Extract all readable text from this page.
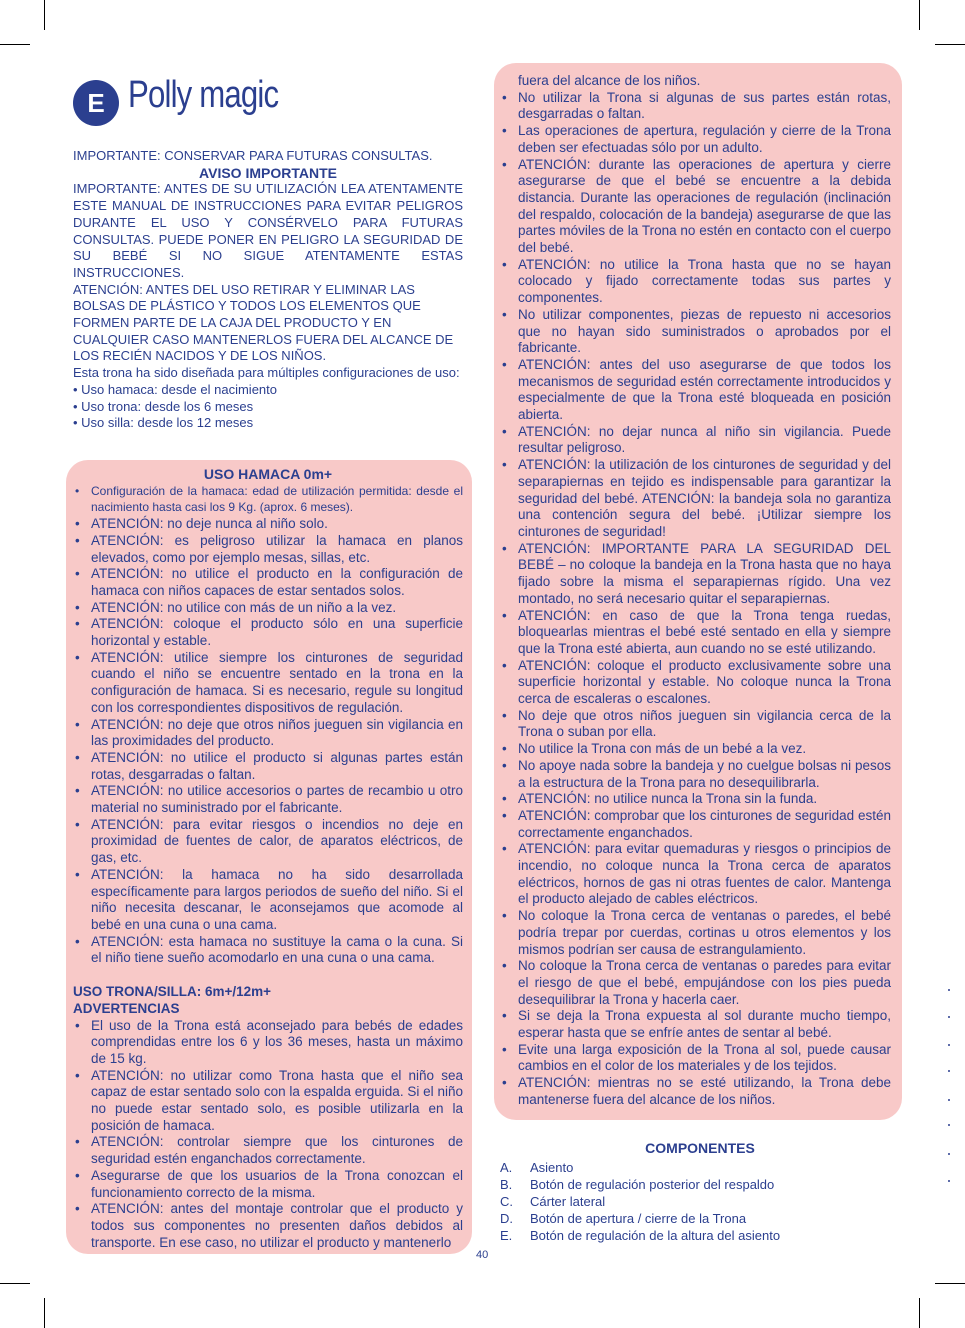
E Polly magic

IMPORTANTE: CONSERVAR PARA FUTURAS CONSULTAS.

AVISO IMPORTANTE

IMPORTANTE: ANTES DE SU UTILIZACIÓN LEA ATENTAMENTE ESTE MANUAL DE INSTRUCCIONES PARA EVITAR PELIGROS DURANTE EL USO Y CONSÉRVELO PARA FUTURAS CONSULTAS. PUEDE PONER EN PELIGRO LA SEGURIDAD DE SU BEBÉ SI NO SIGUE ATENTAMENTE ESTAS INSTRUCCIONES.

ATENCIÓN: ANTES DEL USO RETIRAR Y ELIMINAR LAS BOLSAS DE PLÁSTICO Y TODOS LOS ELEMENTOS QUE FORMEN PARTE DE LA CAJA DEL PRODUCTO Y EN CUALQUIER CASO MANTENERLOS FUERA DEL ALCANCE DE LOS RECIÉN NACIDOS Y DE LOS NIÑOS.

Esta trona ha sido diseñada para múltiples configuraciones de uso:

• Uso hamaca: desde el nacimiento

• Uso trona: desde los 6 meses

• Uso silla: desde los 12 meses

USO HAMACA 0m+
• Configuración de la hamaca: edad de utilización permitida: desde el nacimiento hasta casi los 9 Kg. (aprox. 6 meses).
• ATENCIÓN: no deje nunca al niño solo.
• ATENCIÓN: es peligroso utilizar la hamaca en planos elevados, como por ejemplo mesas, sillas, etc.
• ATENCIÓN: no utilice el producto en la configuración de hamaca con niños capaces de estar sentados solos.
• ATENCIÓN: no utilice con más de un niño a la vez.
• ATENCIÓN: coloque el producto sólo en una superficie horizontal y estable.
• ATENCIÓN: utilice siempre los cinturones de seguridad cuando el niño se encuentre sentado en la trona en la configuración de hamaca. Si es necesario, regule su longitud con los correspondientes dispositivos de regulación.
• ATENCIÓN: no deje que otros niños jueguen sin vigilancia en las proximidades del producto.
• ATENCIÓN: no utilice el producto si algunas partes están rotas, desgarradas o faltan.
• ATENCIÓN: no utilice accesorios o partes de recambio u otro material no suministrado por el fabricante.
• ATENCIÓN: para evitar riesgos o incendios no deje en proximidad de fuentes de calor, de aparatos eléctricos, de gas, etc.
• ATENCIÓN: la hamaca no ha sido desarrollada específicamente para largos periodos de sueño del niño. Si el niño necesita descanar, le aconsejamos que acomode al bebé en una cuna o una cama.
• ATENCIÓN: esta hamaca no sustituye la cama o la cuna. Si el niño tiene sueño acomodarlo en una cuna o una cama.
USO TRONA/SILLA: 6m+/12m+
ADVERTENCIAS
• El uso de la Trona está aconsejado para bebés de edades comprendidas entre los 6 y los 36 meses, hasta un máximo de 15 kg.
• ATENCIÓN: no utilizar como Trona hasta que el niño sea capaz de estar sentado solo con la espalda erguida. Si el niño no puede estar sentado solo, es posible utilizarla en la posición de hamaca.
• ATENCIÓN: controlar siempre que los cinturones de seguridad estén enganchados correctamente.
• Asegurarse de que los usuarios de la Trona conozcan el funcionamiento correcto de la misma.
• ATENCIÓN: antes del montaje controlar que el producto y todos sus componentes no presenten daños debidos al transporte. En ese caso, no utilizar el producto y mantenerlo
fuera del alcance de los niños.
• No utilizar la Trona si algunas de sus partes están rotas, desgarradas o faltan.
• Las operaciones de apertura, regulación y cierre de la Trona deben ser efectuadas sólo por un adulto.
• ATENCIÓN: durante las operaciones de apertura y cierre asegurarse de que el bebé se encuentre a la debida distancia. Durante las operaciones de regulación (inclinación del respaldo, colocación de la bandeja) asegurarse de que las partes móviles de la Trona no estén en contacto con el cuerpo del bebé.
• ATENCIÓN: no utilice la Trona hasta que no se hayan colocado y fijado correctamente todas sus partes y componentes.
• No utilizar componentes, piezas de repuesto ni accesorios que no hayan sido suministrados o aprobados por el fabricante.
• ATENCIÓN: antes del uso asegurarse de que todos los mecanismos de seguridad estén correctamente introducidos y especialmente de que la Trona esté bloqueada en posición abierta.
• ATENCIÓN: no dejar nunca al niño sin vigilancia. Puede resultar peligroso.
• ATENCIÓN: la utilización de los cinturones de seguridad y del separapiernas en tejido es indispensable para garantizar la seguridad del bebé. ATENCIÓN: la bandeja sola no garantiza una contención segura del bebé. ¡Utilizar siempre los cinturones de seguridad!
• ATENCIÓN: IMPORTANTE PARA LA SEGURIDAD DEL BEBÉ – no coloque la bandeja en la Trona hasta que no haya fijado sobre la misma el separapiernas rígido. Una vez montado, no será necesario quitar el separapiernas.
• ATENCIÓN: en caso de que la Trona tenga ruedas, bloquearlas mientras el bebé esté sentado en ella y siempre que la Trona esté abierta, aun cuando no se esté utilizando.
• ATENCIÓN: coloque el producto exclusivamente sobre una superficie horizontal y estable. No coloque nunca la Trona cerca de escaleras o escalones.
• No deje que otros niños jueguen sin vigilancia cerca de la Trona o suban por ella.
• No utilice la Trona con más de un bebé a la vez.
• No apoye nada sobre la bandeja y no cuelgue bolsas ni pesos a la estructura de la Trona para no desequilibrarla.
• ATENCIÓN: no utilice nunca la Trona sin la funda.
• ATENCIÓN: comprobar que los cinturones de seguridad estén correctamente enganchados.
• ATENCIÓN: para evitar quemaduras y riesgos o principios de incendio, no coloque nunca la Trona cerca de aparatos eléctricos, hornos de gas ni otras fuentes de calor. Mantenga el producto alejado de cables eléctricos.
• No coloque la Trona cerca de ventanas o paredes, el bebé podría trepar por cuerdas, cortinas u otros elementos y los mismos podrían ser causa de estrangulamiento.
• No coloque la Trona cerca de ventanas o paredes para evitar el riesgo de que el bebé, empujándose con los pies pueda desequilibrar la Trona y hacerla caer.
• Si se deja la Trona expuesta al sol durante mucho tiempo, esperar hasta que se enfríe antes de sentar al bebé.
• Evite una larga exposición de la Trona al sol, puede causar cambios en el color de los materiales y de los tejidos.
• ATENCIÓN: mientras no se esté utilizando, la Trona debe mantenerse fuera del alcance de los niños.
COMPONENTES
A.	Asiento
B.	Botón de regulación posterior del respaldo
C.	Cárter lateral
D.	Botón de apertura / cierre de la Trona
E.	Botón de regulación de la altura del asiento
40
